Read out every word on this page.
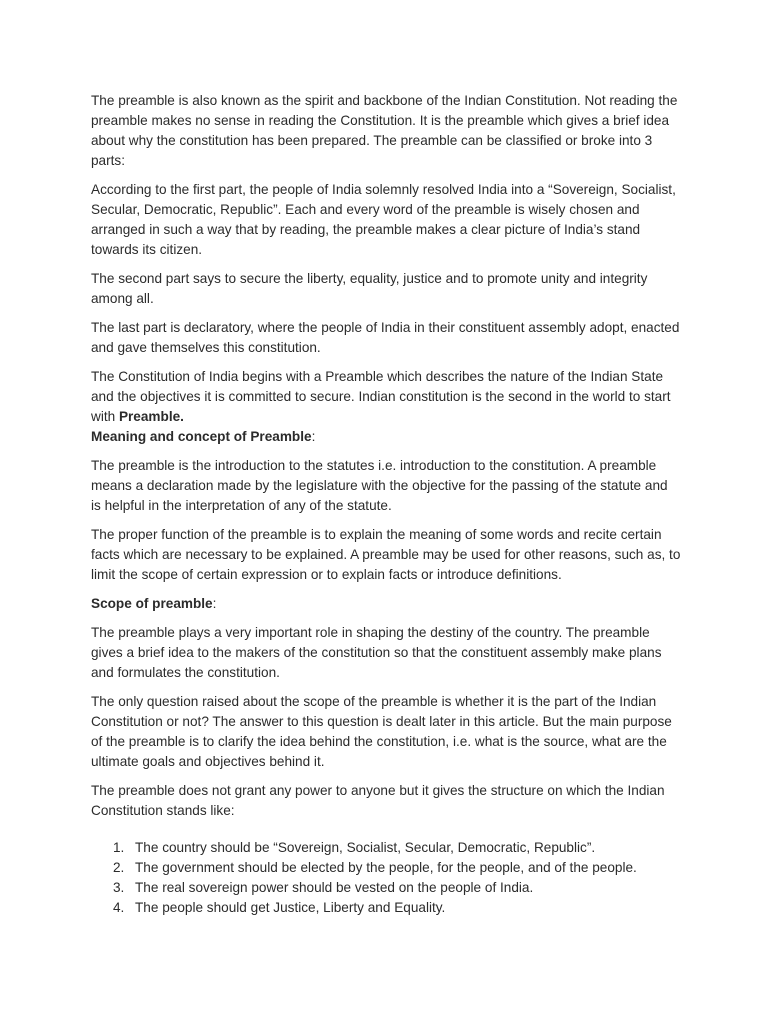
The preamble is also known as the spirit and backbone of the Indian Constitution. Not reading the preamble makes no sense in reading the Constitution. It is the preamble which gives a brief idea about why the constitution has been prepared. The preamble can be classified or broke into 3 parts:

According to the first part, the people of India solemnly resolved India into a “Sovereign, Socialist, Secular, Democratic, Republic”. Each and every word of the preamble is wisely chosen and arranged in such a way that by reading, the preamble makes a clear picture of India’s stand towards its citizen.

The second part says to secure the liberty, equality, justice and to promote unity and integrity among all.

The last part is declaratory, where the people of India in their constituent assembly adopt, enacted and gave themselves this constitution.

The Constitution of India begins with a Preamble which describes the nature of the Indian State and the objectives it is committed to secure. Indian constitution is the second in the world to start with Preamble.

Meaning and concept of Preamble:

The preamble is the introduction to the statutes i.e. introduction to the constitution. A preamble means a declaration made by the legislature with the objective for the passing of the statute and is helpful in the interpretation of any of the statute.

The proper function of the preamble is to explain the meaning of some words and recite certain facts which are necessary to be explained. A preamble may be used for other reasons, such as, to limit the scope of certain expression or to explain facts or introduce definitions.

Scope of preamble:

The preamble plays a very important role in shaping the destiny of the country. The preamble gives a brief idea to the makers of the constitution so that the constituent assembly make plans and formulates the constitution.

The only question raised about the scope of the preamble is whether it is the part of the Indian Constitution or not? The answer to this question is dealt later in this article. But the main purpose of the preamble is to clarify the idea behind the constitution, i.e. what is the source, what are the ultimate goals and objectives behind it.

The preamble does not grant any power to anyone but it gives the structure on which the Indian Constitution stands like:

1. The country should be “Sovereign, Socialist, Secular, Democratic, Republic”.
2. The government should be elected by the people, for the people, and of the people.
3. The real sovereign power should be vested on the people of India.
4. The people should get Justice, Liberty and Equality.
